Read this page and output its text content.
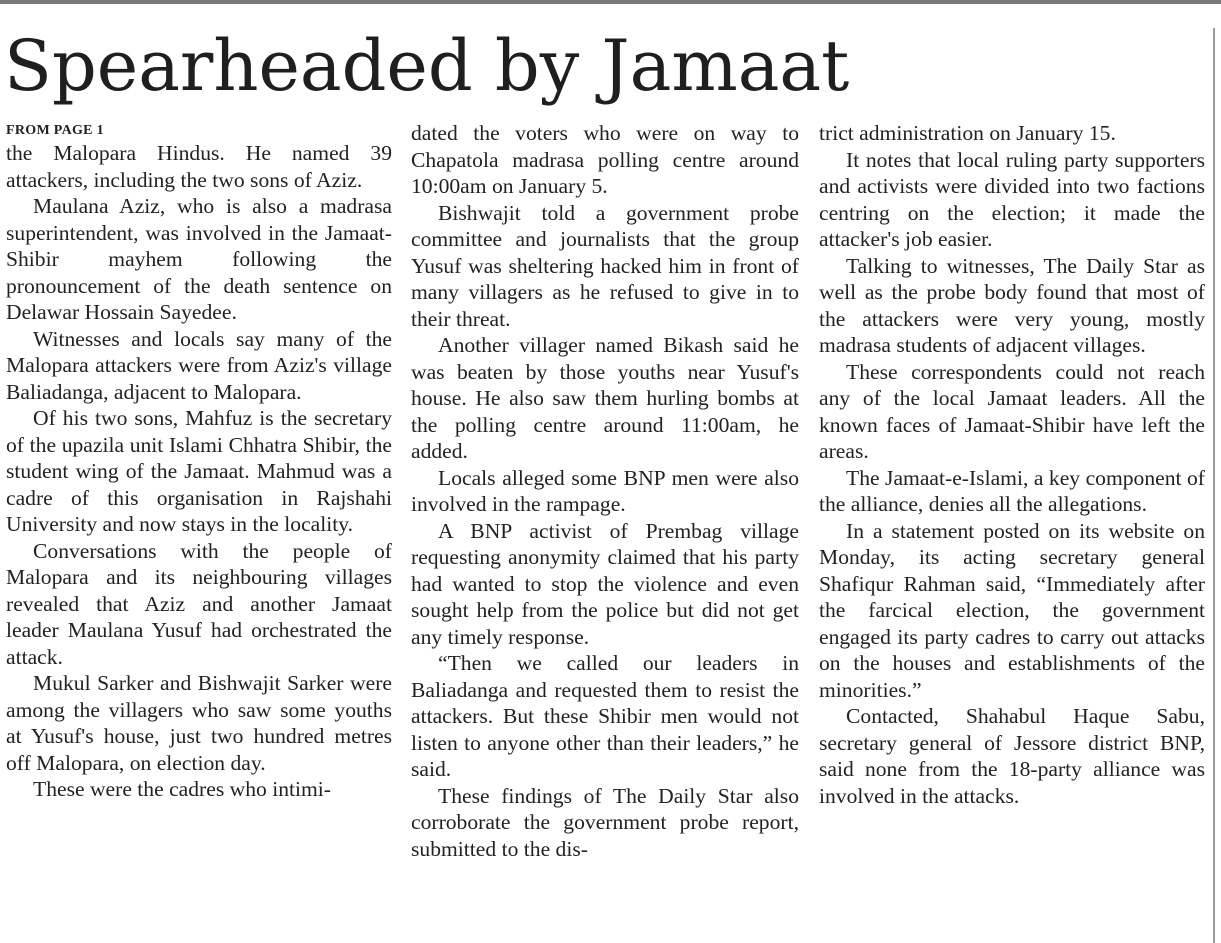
Spearheaded by Jamaat
FROM PAGE 1

the Malopara Hindus. He named 39 attackers, including the two sons of Aziz.

Maulana Aziz, who is also a madrasa superintendent, was involved in the Jamaat-Shibir mayhem following the pronouncement of the death sentence on Delawar Hossain Sayedee.

Witnesses and locals say many of the Malopara attackers were from Aziz's village Baliadanga, adjacent to Malopara.

Of his two sons, Mahfuz is the secretary of the upazila unit Islami Chhatra Shibir, the student wing of the Jamaat. Mahmud was a cadre of this organisation in Rajshahi University and now stays in the locality.

Conversations with the people of Malopara and its neighbouring villages revealed that Aziz and another Jamaat leader Maulana Yusuf had orchestrated the attack.

Mukul Sarker and Bishwajit Sarker were among the villagers who saw some youths at Yusuf's house, just two hundred metres off Malopara, on election day.

These were the cadres who intimi-

dated the voters who were on way to Chapatola madrasa polling centre around 10:00am on January 5.

Bishwajit told a government probe committee and journalists that the group Yusuf was sheltering hacked him in front of many villagers as he refused to give in to their threat.

Another villager named Bikash said he was beaten by those youths near Yusuf's house. He also saw them hurling bombs at the polling centre around 11:00am, he added.

Locals alleged some BNP men were also involved in the rampage.

A BNP activist of Prembag village requesting anonymity claimed that his party had wanted to stop the violence and even sought help from the police but did not get any timely response.

“Then we called our leaders in Baliadanga and requested them to resist the attackers. But these Shibir men would not listen to anyone other than their leaders,” he said.

These findings of The Daily Star also corroborate the government probe report, submitted to the dis-

trict administration on January 15.

It notes that local ruling party supporters and activists were divided into two factions centring on the election; it made the attacker's job easier.

Talking to witnesses, The Daily Star as well as the probe body found that most of the attackers were very young, mostly madrasa students of adjacent villages.

These correspondents could not reach any of the local Jamaat leaders. All the known faces of Jamaat-Shibir have left the areas.

The Jamaat-e-Islami, a key component of the alliance, denies all the allegations.

In a statement posted on its website on Monday, its acting secretary general Shafiqur Rahman said, “Immediately after the farcical election, the government engaged its party cadres to carry out attacks on the houses and establishments of the minorities.”

Contacted, Shahabul Haque Sabu, secretary general of Jessore district BNP, said none from the 18-party alliance was involved in the attacks.
